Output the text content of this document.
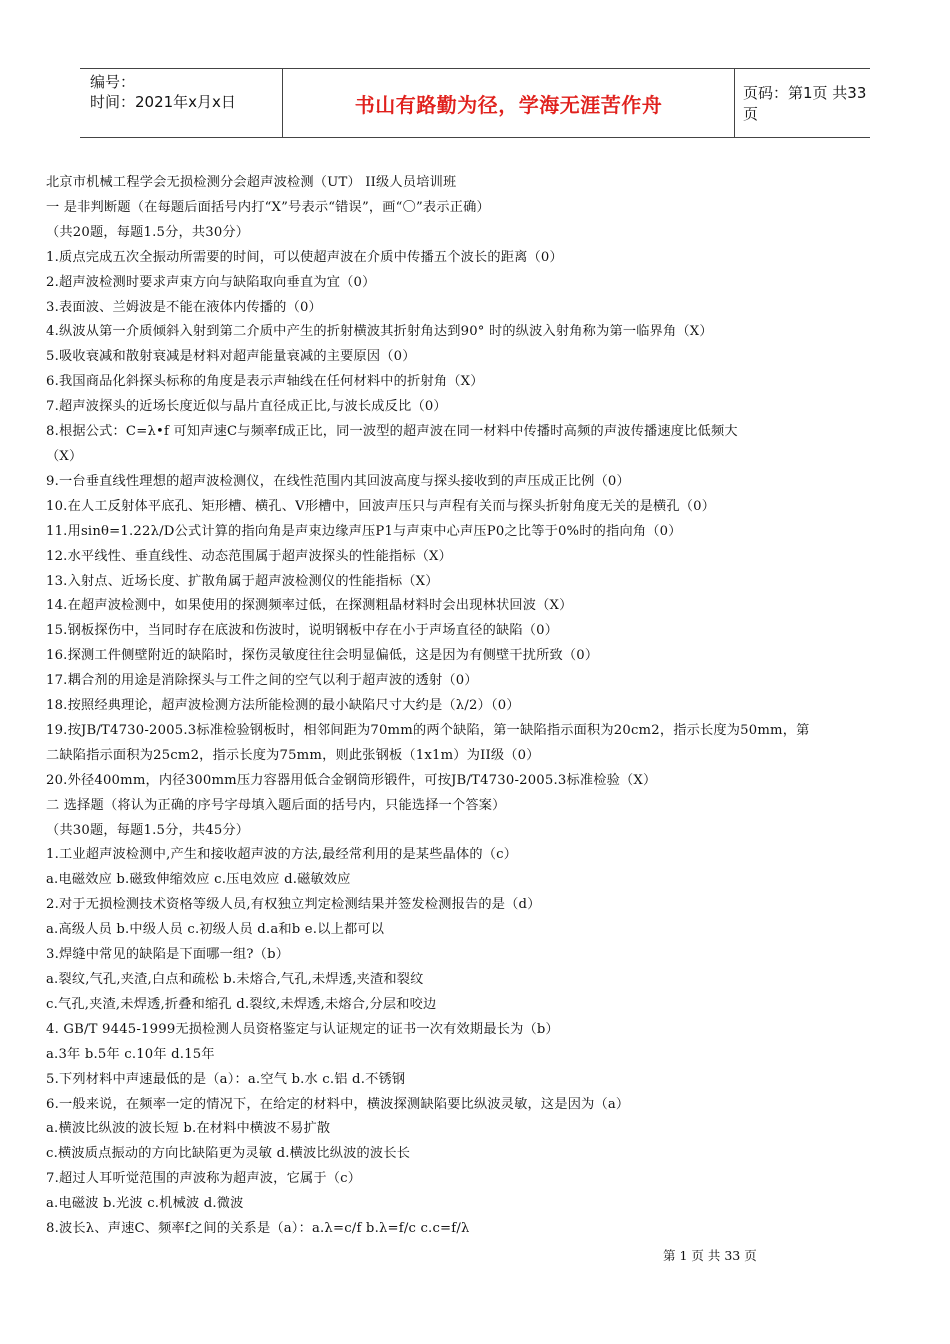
编号：
时间：2021年x月x日	书山有路勤为径，学海无涯苦作舟	页码：第1页 共33页
北京市机械工程学会无损检测分会超声波检测（UT） II级人员培训班
一 是非判断题（在每题后面括号内打“X”号表示“错误”，画“〇”表示正确）
（共20题，每题1.5分，共30分）
1.质点完成五次全振动所需要的时间，可以使超声波在介质中传播五个波长的距离（0）
2.超声波检测时要求声束方向与缺陷取向垂直为宜（0）
3.表面波、兰姆波是不能在液体内传播的（0）
4.纵波从第一介质倾斜入射到第二介质中产生的折射横波其折射角达到90° 时的纵波入射角称为第一临界角（X）
5.吸收衰减和散射衰减是材料对超声能量衰减的主要原因（0）
6.我国商品化斜探头标称的角度是表示声轴线在任何材料中的折射角（X）
7.超声波探头的近场长度近似与晶片直径成正比,与波长成反比（0）
8.根据公式：C=λ•f 可知声速C与频率f成正比，同一波型的超声波在同一材料中传播时高频的声波传播速度比低频大
（X）
9.一台垂直线性理想的超声波检测仪，在线性范围内其回波高度与探头接收到的声压成正比例（0）
10.在人工反射体平底孔、矩形槽、横孔、V形槽中，回波声压只与声程有关而与探头折射角度无关的是横孔（0）
11.用sinθ=1.22λ/D公式计算的指向角是声束边缘声压P1与声束中心声压P0之比等于0%时的指向角（0）
12.水平线性、垂直线性、动态范围属于超声波探头的性能指标（X）
13.入射点、近场长度、扩散角属于超声波检测仪的性能指标（X）
14.在超声波检测中，如果使用的探测频率过低，在探测粗晶材料时会出现林状回波（X）
15.钢板探伤中，当同时存在底波和伤波时，说明钢板中存在小于声场直径的缺陷（0）
16.探测工件侧壁附近的缺陷时，探伤灵敏度往往会明显偏低，这是因为有侧壁干扰所致（0）
17.耦合剂的用途是消除探头与工件之间的空气以利于超声波的透射（0）
18.按照经典理论，超声波检测方法所能检测的最小缺陷尺寸大约是（λ/2）（0）
19.按JB/T4730-2005.3标准检验钢板时，相邻间距为70mm的两个缺陷，第一缺陷指示面积为20cm2，指示长度为50mm，第
二缺陷指示面积为25cm2，指示长度为75mm，则此张钢板（1x1m）为II级（0）
20.外径400mm，内径300mm压力容器用低合金钢筒形锻件，可按JB/T4730-2005.3标准检验（X）
二 选择题（将认为正确的序号字母填入题后面的括号内，只能选择一个答案）
（共30题，每题1.5分，共45分）
1.工业超声波检测中,产生和接收超声波的方法,最经常利用的是某些晶体的（c）
a.电磁效应 b.磁致伸缩效应 c.压电效应 d.磁敏效应
2.对于无损检测技术资格等级人员,有权独立判定检测结果并签发检测报告的是（d）
a.高级人员 b.中级人员 c.初级人员 d.a和b e.以上都可以
3.焊缝中常见的缺陷是下面哪一组?（b）
a.裂纹,气孔,夹渣,白点和疏松 b.未熔合,气孔,未焊透,夹渣和裂纹
c.气孔,夹渣,未焊透,折叠和缩孔 d.裂纹,未焊透,未熔合,分层和咬边
4. GB/T 9445-1999无损检测人员资格鉴定与认证规定的证书一次有效期最长为（b）
a.3年 b.5年 c.10年 d.15年
5.下列材料中声速最低的是（a）：a.空气 b.水 c.铝 d.不锈钢
6.一般来说，在频率一定的情况下，在给定的材料中，横波探测缺陷要比纵波灵敏，这是因为（a）
a.横波比纵波的波长短 b.在材料中横波不易扩散
c.横波质点振动的方向比缺陷更为灵敏 d.横波比纵波的波长长
7.超过人耳听觉范围的声波称为超声波，它属于（c）
a.电磁波 b.光波 c.机械波 d.微波
8.波长λ、声速C、频率f之间的关系是（a）：a.λ=c/f b.λ=f/c c.c=f/λ
第 1 页 共 33 页
